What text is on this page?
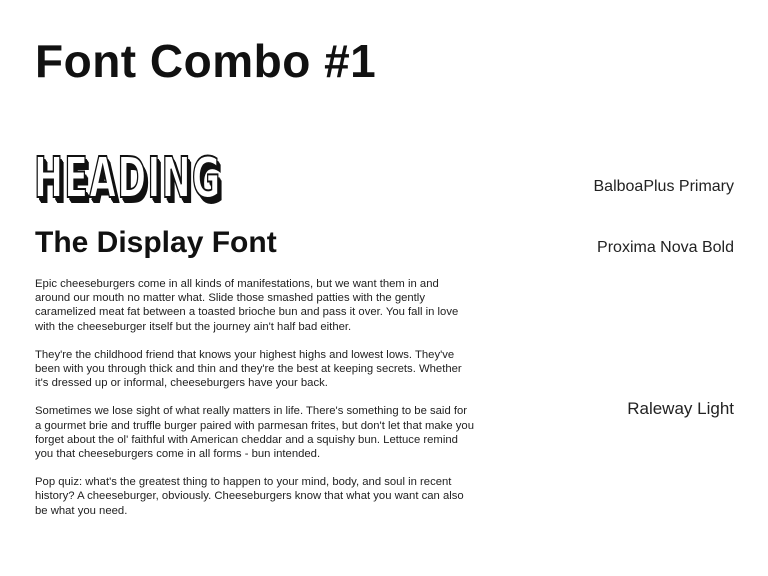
Font Combo #1
HEADING
The Display Font

Epic cheeseburgers come in all kinds of manifestations, but we want them in and around our mouth no matter what. Slide those smashed patties with the gently caramelized meat fat between a toasted brioche bun and pass it over. You fall in love with the cheeseburger itself but the journey ain't half bad either.

They're the childhood friend that knows your highest highs and lowest lows. They've been with you through thick and thin and they're the best at keeping secrets. Whether it's dressed up or informal, cheeseburgers have your back.

Sometimes we lose sight of what really matters in life. There's something to be said for a gourmet brie and truffle burger paired with parmesan frites, but don't let that make you forget about the ol' faithful with American cheddar and a squishy bun. Lettuce remind you that cheeseburgers come in all forms - bun intended.

Pop quiz: what's the greatest thing to happen to your mind, body, and soul in recent history? A cheeseburger, obviously. Cheeseburgers know that what you want can also be what you need.

BalboaPlus Primary
Proxima Nova Bold
Raleway Light
